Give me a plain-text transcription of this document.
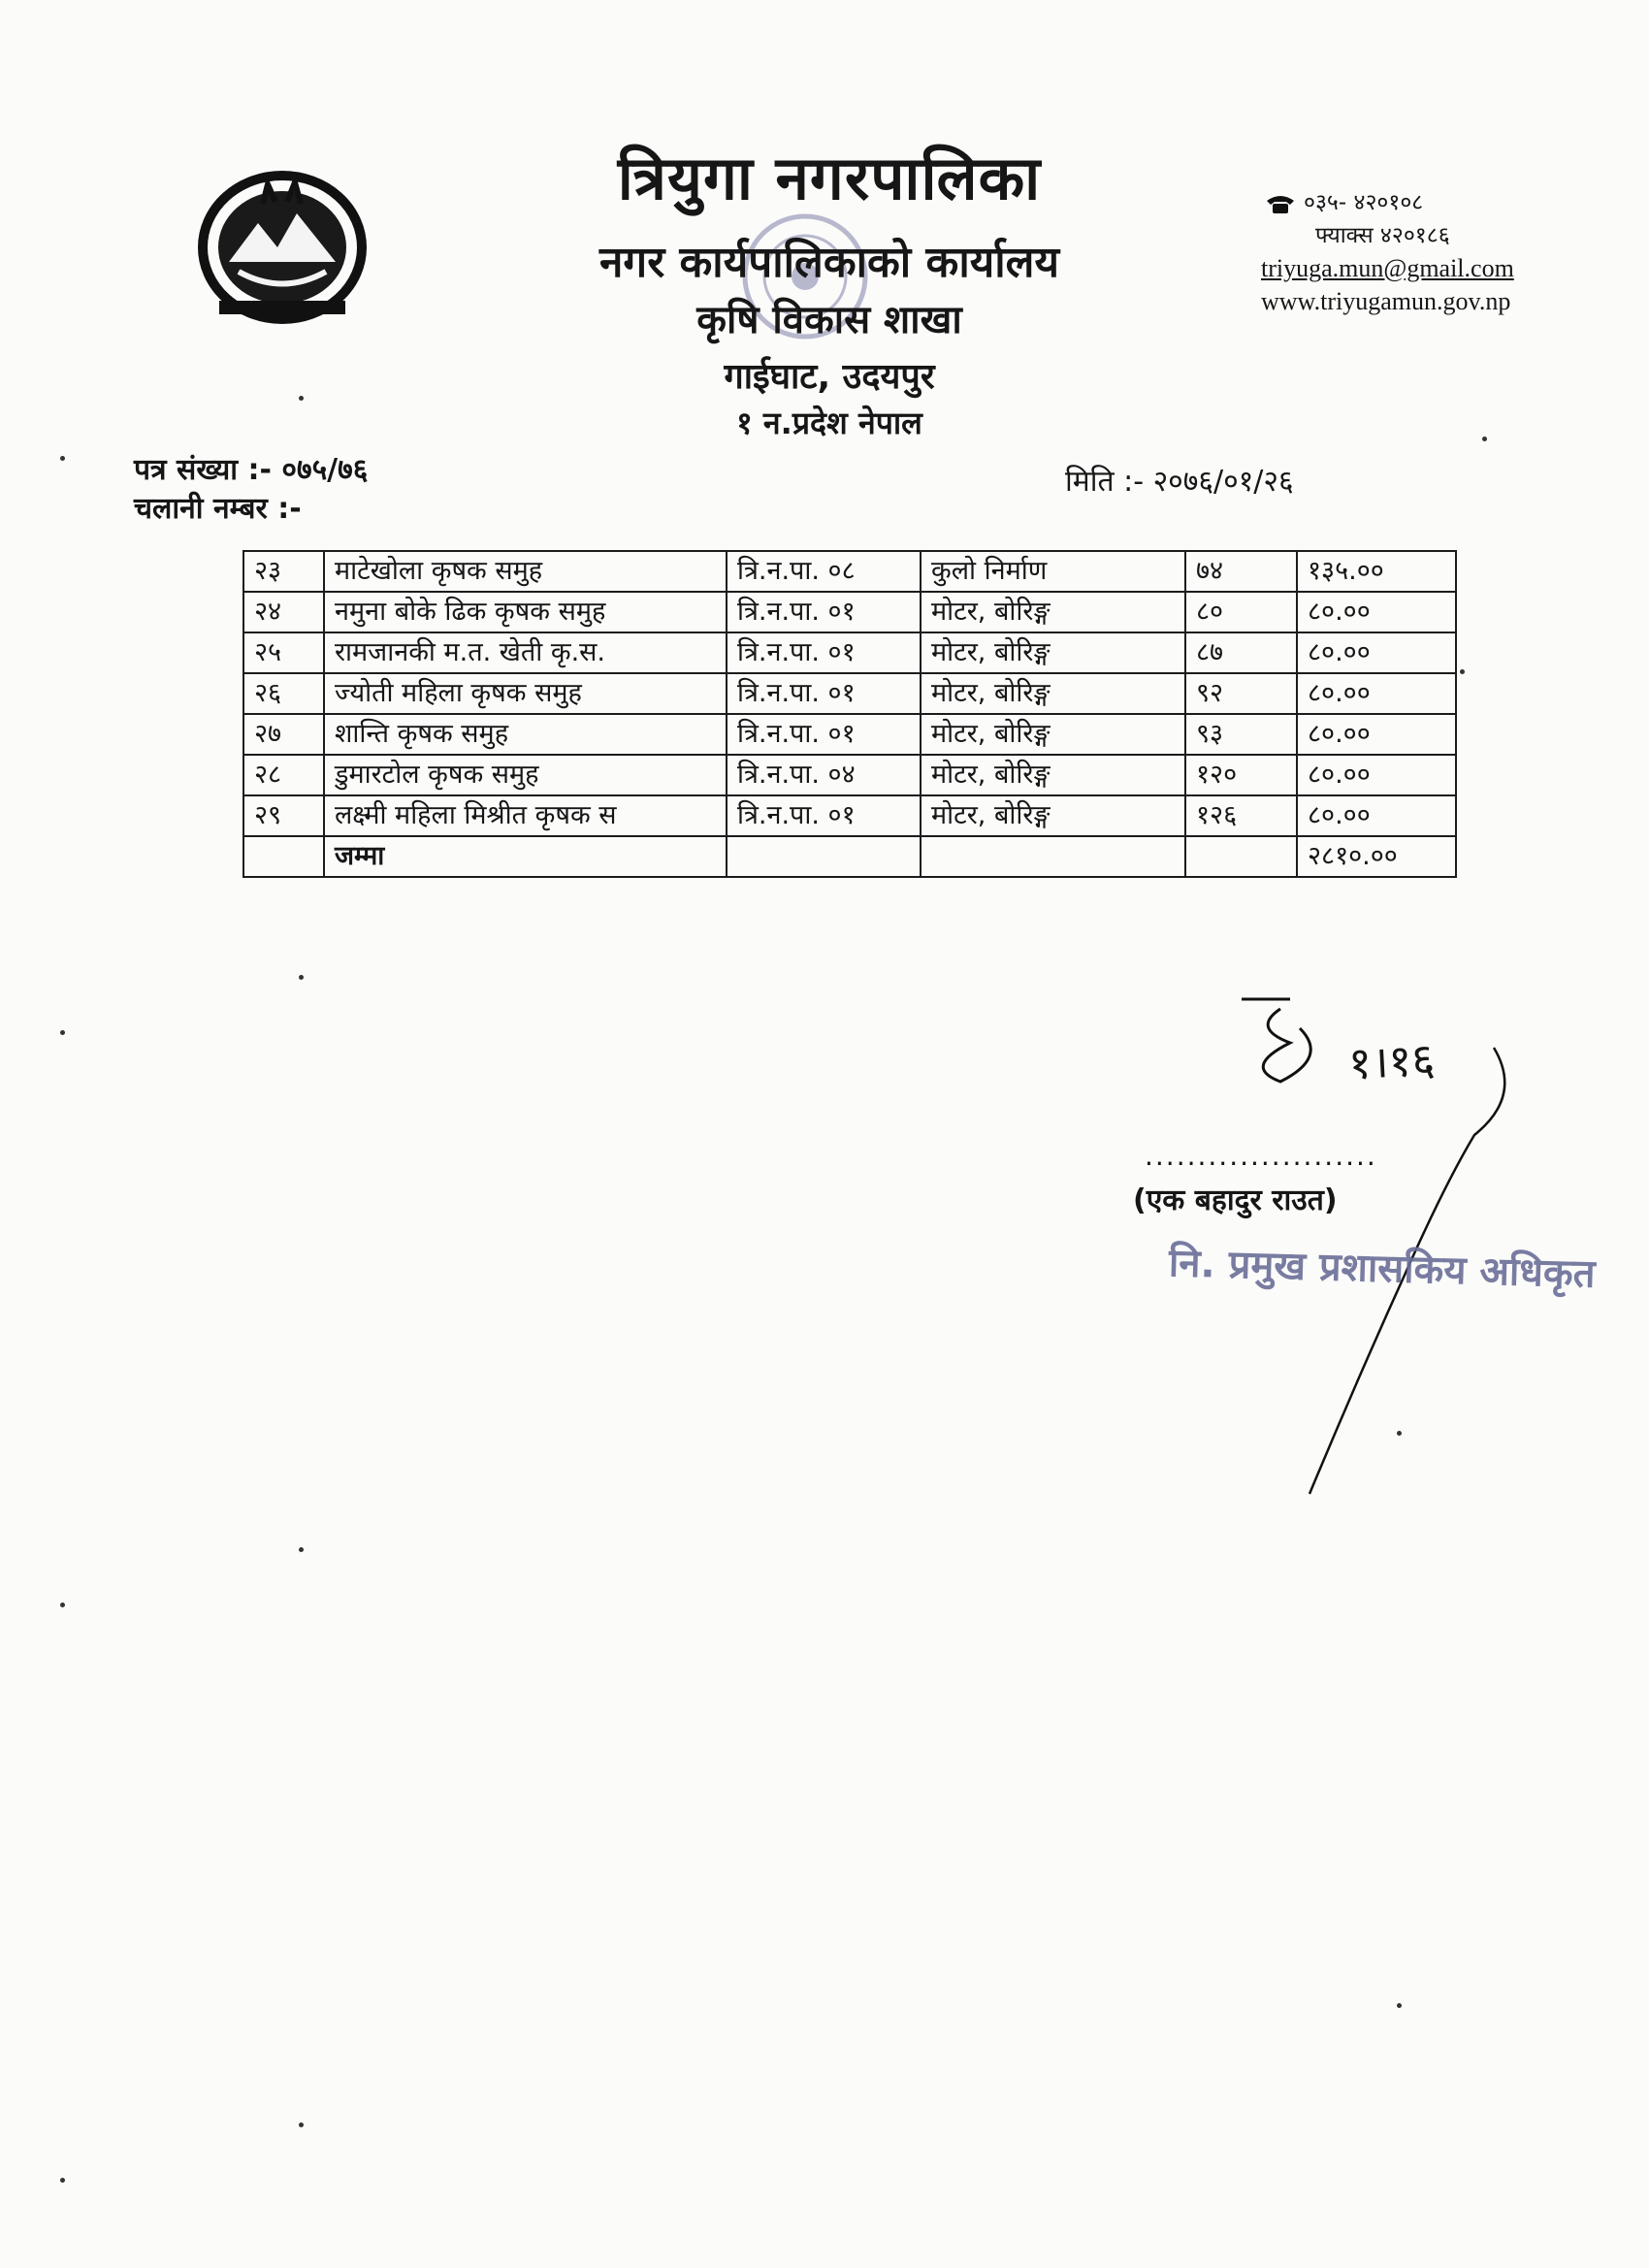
त्रियुगा नगरपालिका
नगर कार्यपालिकाको कार्यालय
कृषि विकास शाखा
गाईघाट, उदयपुर
१ न.प्रदेश नेपाल
०३५- ४२०१०८
फ्याक्स ४२०१८६
triyuga.mun@gmail.com
www.triyugamun.gov.np
पत्र संख्या :- ०७५/७६
चलानी नम्बर :-
मिति :- २०७६/०१/२६
२३	माटेखोला कृषक समुह	त्रि.न.पा. ०८	कुलो निर्माण	७४	१३५.००
२४	नमुना बोके ढिक कृषक समुह	त्रि.न.पा. ०१	मोटर, बोरिङ्ग	८०	८०.००
२५	रामजानकी म.त. खेती कृ.स.	त्रि.न.पा. ०१	मोटर, बोरिङ्ग	८७	८०.००
२६	ज्योती महिला कृषक समुह	त्रि.न.पा. ०१	मोटर, बोरिङ्ग	९२	८०.००
२७	शान्ति कृषक समुह	त्रि.न.पा. ०१	मोटर, बोरिङ्ग	९३	८०.००
२८	डुमारटोल कृषक समुह	त्रि.न.पा. ०४	मोटर, बोरिङ्ग	१२०	८०.००
२९	लक्ष्मी महिला मिश्रीत कृषक स	त्रि.न.पा. ०१	मोटर, बोरिङ्ग	१२६	८०.००
	जम्मा				२८१०.००
१।१६
......................
(एक बहादुर राउत)
नि. प्रमुख प्रशासकिय अधिकृत
